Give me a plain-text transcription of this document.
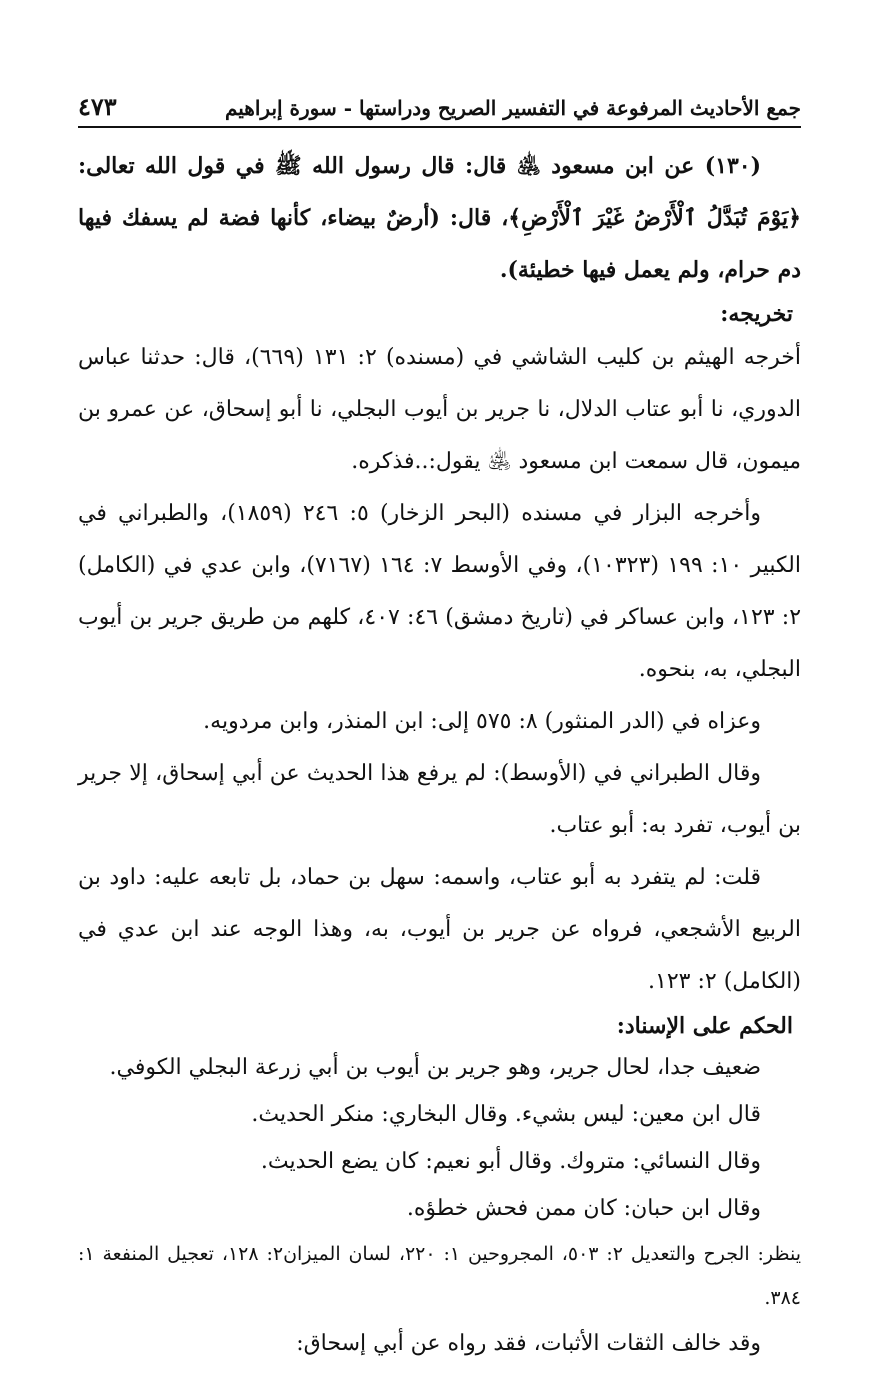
جمع الأحاديث المرفوعة في التفسير الصريح ودراستها - سورة إبراهيم
٤٧٣

(١٣٠) عن ابن مسعود ﵁ قال: قال رسول الله ﷺ في قول الله تعالى: ﴿يَوْمَ تُبَدَّلُ ٱلْأَرْضُ غَيْرَ ٱلْأَرْضِ﴾، قال: (أرضٌ بيضاء، كأنها فضة لم يسفك فيها دم حرام، ولم يعمل فيها خطيئة).

تخريجه:

أخرجه الهيثم بن كليب الشاشي في (مسنده) ٢: ١٣١ (٦٦٩)، قال: حدثنا عباس الدوري، نا أبو عتاب الدلال، نا جرير بن أيوب البجلي، نا أبو إسحاق، عن عمرو بن ميمون، قال سمعت ابن مسعود ﵁ يقول:..فذكره.

وأخرجه البزار في مسنده (البحر الزخار) ٥: ٢٤٦ (١٨٥٩)، والطبراني في الكبير ١٠: ١٩٩ (١٠٣٢٣)، وفي الأوسط ٧: ١٦٤ (٧١٦٧)، وابن عدي في (الكامل) ٢: ١٢٣، وابن عساكر في (تاريخ دمشق) ٤٦: ٤٠٧، كلهم من طريق جرير بن أيوب البجلي، به، بنحوه.

وعزاه في (الدر المنثور) ٨: ٥٧٥ إلى: ابن المنذر، وابن مردويه.

وقال الطبراني في (الأوسط): لم يرفع هذا الحديث عن أبي إسحاق، إلا جرير بن أيوب، تفرد به: أبو عتاب.

قلت: لم يتفرد به أبو عتاب، واسمه: سهل بن حماد، بل تابعه عليه: داود بن الربيع الأشجعي، فرواه عن جرير بن أيوب، به، وهذا الوجه عند ابن عدي في (الكامل) ٢: ١٢٣.

الحكم على الإسناد:

ضعيف جدا، لحال جرير، وهو جرير بن أيوب بن أبي زرعة البجلي الكوفي.

قال ابن معين: ليس بشيء. وقال البخاري: منكر الحديث.

وقال النسائي: متروك. وقال أبو نعيم: كان يضع الحديث.

وقال ابن حبان: كان ممن فحش خطؤه.

ينظر: الجرح والتعديل ٢: ٥٠٣، المجروحين ١: ٢٢٠، لسان الميزان٢: ١٢٨، تعجيل المنفعة ١: ٣٨٤.

وقد خالف الثقات الأثبات، فقد رواه عن أبي إسحاق:
